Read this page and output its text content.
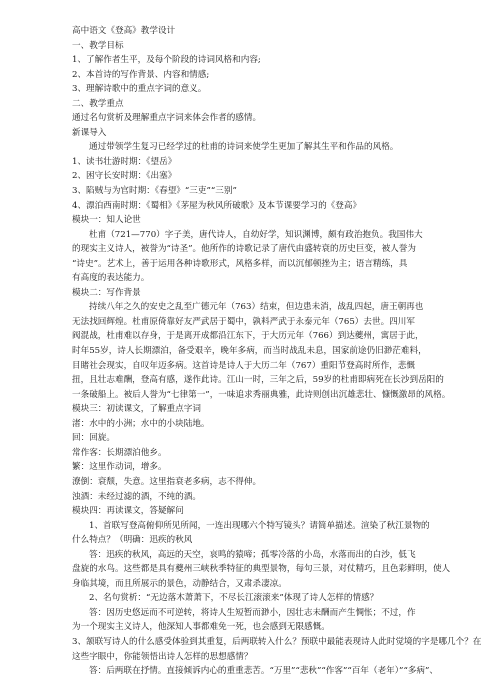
高中语文《登高》教学设计
一、教学目标
1、了解作者生平，及每个阶段的诗词风格和内容;
2、本首诗的写作背景、内容和情感;
3、理解诗歌中的重点字词的意义。
二、教学重点
通过名句赏析及理解重点字词来体会作者的感情。
新课导入
通过带领学生复习已经学过的杜甫的诗词来使学生更加了解其生平和作品的风格。
1、读书壮游时期：《望岳》
2、困守长安时期：《出塞》
3、陷贼与为官时期：《春望》“三吏”“三别”
4、漂泊西南时期：《蜀相》《茅屋为秋风所破歌》及本节课要学习的《登高》
模块一：知人论世
杜甫（721—770）字子美，唐代诗人，自幼好学，知识渊博，颇有政治抱负。我国伟大
的现实主义诗人，被誉为“诗圣”。他所作的诗歌记录了唐代由盛转衰的历史巨变，被人誉为
“诗史”。艺术上，善于运用各种诗歌形式，风格多样，而以沉郁顿挫为主；语言精练，具
有高度的表达能力。
模块二：写作背景
持续八年之久的安史之乱至广德元年（763）结束，但边患未消，战乱四起，唐王朝再也
无法找回辉煌。杜甫原倚靠好友严武居于蜀中，孰料严武于永泰元年（765）去世。四川军
阀混战，杜甫难以存身，于是离开成都沿江东下，于大历元年（766）到达夔州，寓居于此，
时年55岁，诗人长期漂泊，备受艰辛，晚年多病，而当时战乱未息，国家前途仍旧渺茫难料，
目睹社会现实，自叹年迈多病。这首诗是诗人于大历二年（767）重阳节登高时所作，悲慨
扭，且壮志难酬，登高有感，遂作此诗。江山一时，三年之后，59岁的杜甫即病死在长沙到岳阳的
一条破船上。被后人誉为“七律第一”，一味追求秀丽典雅，此诗则创出沉雄悲壮、慷慨激昂的风格。
模块三：初读课文，了解重点字词
渚：水中的小洲；水中的小块陆地。
回：回旋。
常作客：长期漂泊他乡。
繁：这里作动词，增多。
潦倒：衰颓，失意。这里指衰老多病，志不得伸。
浊酒：未经过滤的酒，不纯的酒。
模块四：再读课文，答疑解问
1、首联写登高俯仰所见所闻，一连出现哪六个特写镜头？请简单描述。渲染了秋江景物的
什么特点？（明确：迅疾的秋风
答：迅疾的秋风，高远的天空，哀鸣的猿啼；孤零冷落的小岛，水落而出的白沙，低飞
盘旋的水鸟。这些都是具有夔州三峡秋季特征的典型景物，每句三景，对仗精巧，且色彩鲜明，使人
身临其境，而且所展示的景色，动静结合，又肃杀凄凉。
2、名句赏析：“无边落木萧萧下，不尽长江滚滚来”体现了诗人怎样的情感？
答：因历史悠远而不可逆转，将诗人生短暂而渺小，因壮志未酬而产生惆怅；不过，作
为一个现实主义诗人，他深知人事都难免一死，也会感到无限感慨。
3、颔联写诗人的什么感受体验到其重复，后两联转入什么？预联中最能表现诗人此时觉境的字是哪几个？在
这些字眼中，你能领悟出诗人怎样的思想感情？
答：后两联在抒情。直接倾诉内心的重重悲苦。“万里”“悲秋”“作客”“百年（老年）”“多病”、
